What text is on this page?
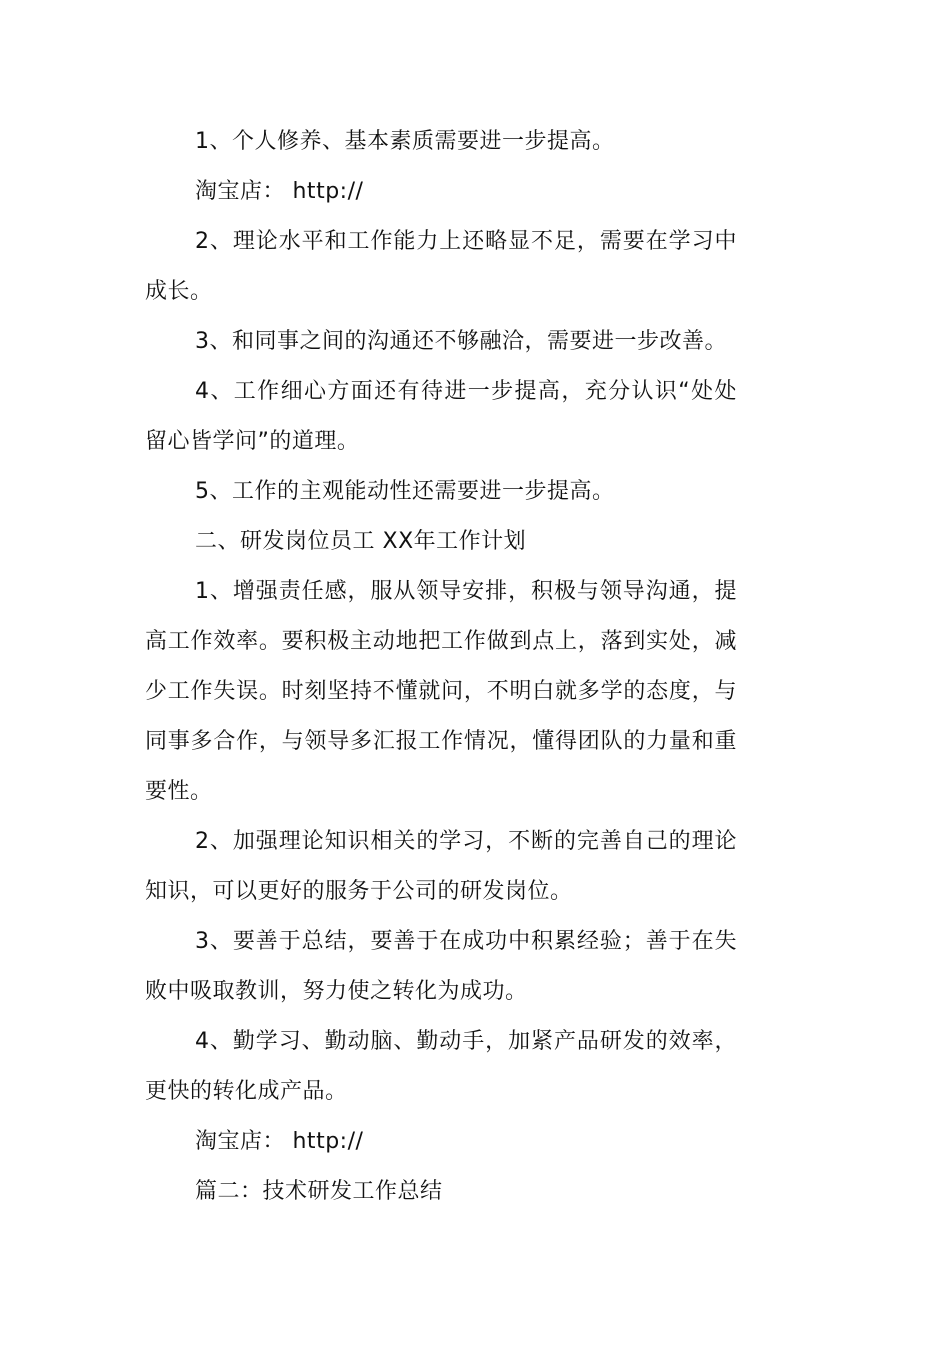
1、个人修养、基本素质需要进一步提高。

淘宝店： http://

2、理论水平和工作能力上还略显不足，需要在学习中成长。

3、和同事之间的沟通还不够融洽，需要进一步改善。

4、工作细心方面还有待进一步提高，充分认识“处处留心皆学问”的道理。

5、工作的主观能动性还需要进一步提高。

二、研发岗位员工 XX年工作计划

1、增强责任感，服从领导安排，积极与领导沟通，提高工作效率。要积极主动地把工作做到点上，落到实处，减少工作失误。时刻坚持不懂就问，不明白就多学的态度，与同事多合作，与领导多汇报工作情况，懂得团队的力量和重要性。

2、加强理论知识相关的学习，不断的完善自己的理论知识，可以更好的服务于公司的研发岗位。

3、要善于总结，要善于在成功中积累经验；善于在失败中吸取教训，努力使之转化为成功。

4、勤学习、勤动脑、勤动手，加紧产品研发的效率，更快的转化成产品。

淘宝店： http://

篇二：技术研发工作总结
